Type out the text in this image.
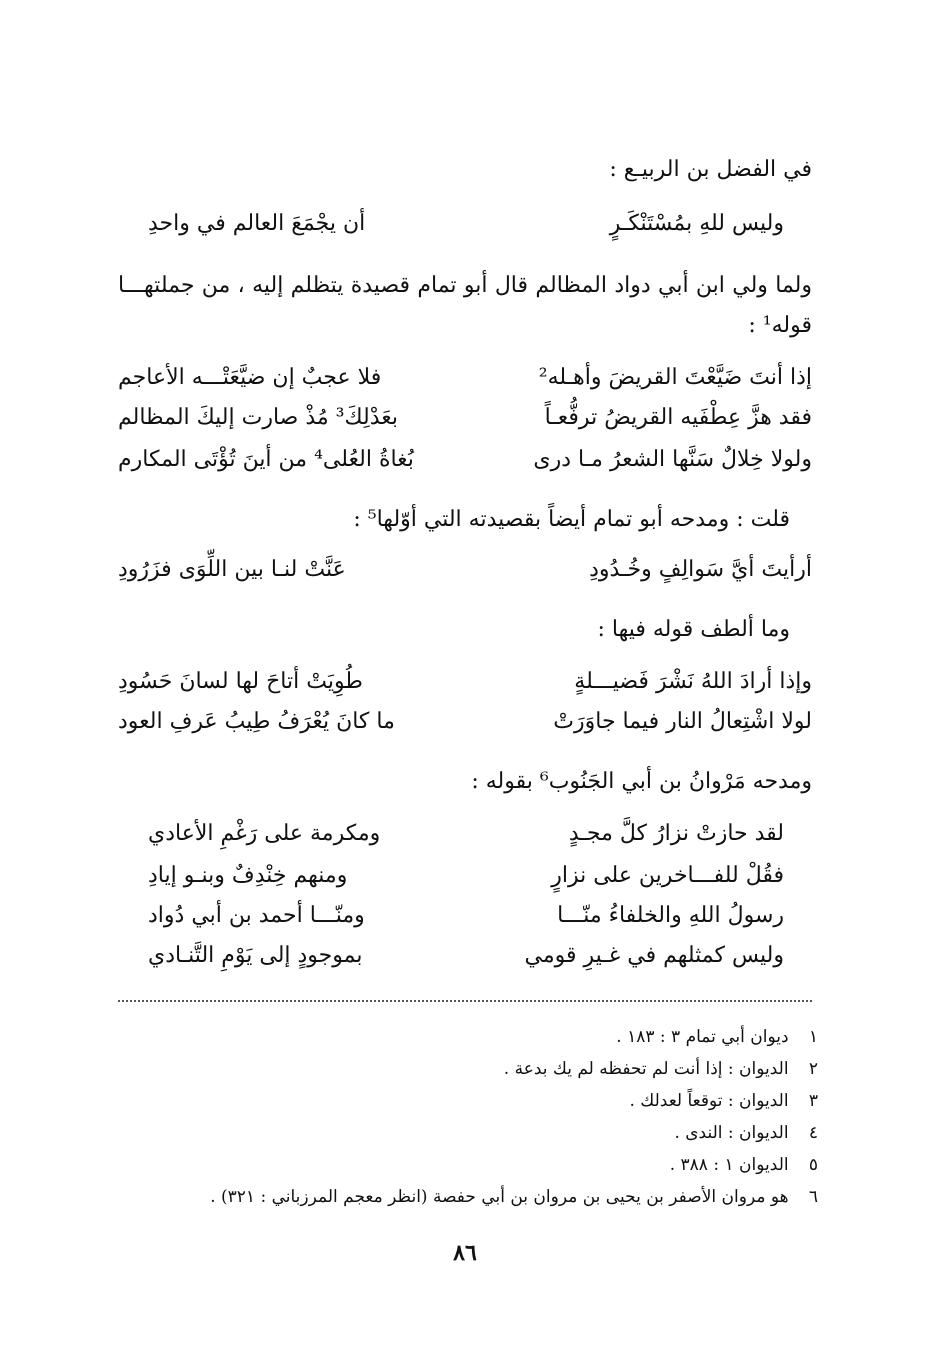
في الفضل بن الربيـع :
وليس للهِ بمُسْتَنْكَـرٍ
أن يجْمَعَ العالم في واحدِ
ولما ولي ابن أبي دواد المظالم قال أبو تمام قصيدة يتظلم إليه ، من جملتهـــا
قوله¹ :
إذا أنتَ ضَيَّعْتَ القريضَ وأهـله²
فلا عجبٌ إن ضيَّعَتْـــه الأعاجم
فقد هزَّ عِطْفَيه القريضُ ترفُّعـاً
بعَدْلِكَ³ مُذْ صارت إليكَ المظالم
ولولا خِلالٌ سَنَّها الشعرُ مـا درى
بُغاةُ العُلى⁴ من أينَ تُؤْتَى المكارم
قلت : ومدحه أبو تمام أيضاً بقصيدته التي أوّلها⁵ :
أرأيتَ أيَّ سَوالِفٍ وخُـدُودِ
عَنَّتْ لنـا بين اللِّوَى فزَرُودِ
وما ألطف قوله فيها :
وإذا أرادَ اللهُ نَشْرَ فَضيـــلةٍ
طُوِيَتْ أتاحَ لها لسانَ حَسُودِ
لولا اشْتِعالُ النار فيما جاوَرَتْ
ما كانَ يُعْرَفُ طِيبُ عَرفِ العود
ومدحه مَرْوانُ بن أبي الجَنُوب⁶ بقوله :
لقد حازتْ نزارُ كلَّ مجـدٍ
ومكرمة على رَغْمِ الأعادي
فقُلْ للفـــاخرين على نزارٍ
ومنهم خِنْدِفٌ وبنـو إيادِ
رسولُ اللهِ والخلفاءُ منّـــا
ومنّـــا أحمد بن أبي دُواد
وليس كمثلهم في غـيرِ قومي
بموجودٍ إلى يَوْمِ التَّنـادي
١ ديوان أبي تمام ٣ : ١٨٣ .
٢ الديوان : إذا أنت لم تحفظه لم يك بدعة .
٣ الديوان : توقعاً لعدلك .
٤ الديوان : الندى .
٥ الديوان ١ : ٣٨٨ .
٦ هو مروان الأصفر بن يحيى بن مروان بن أبي حفصة (انظر معجم المرزباني : ٣٢١) .
٨٦
